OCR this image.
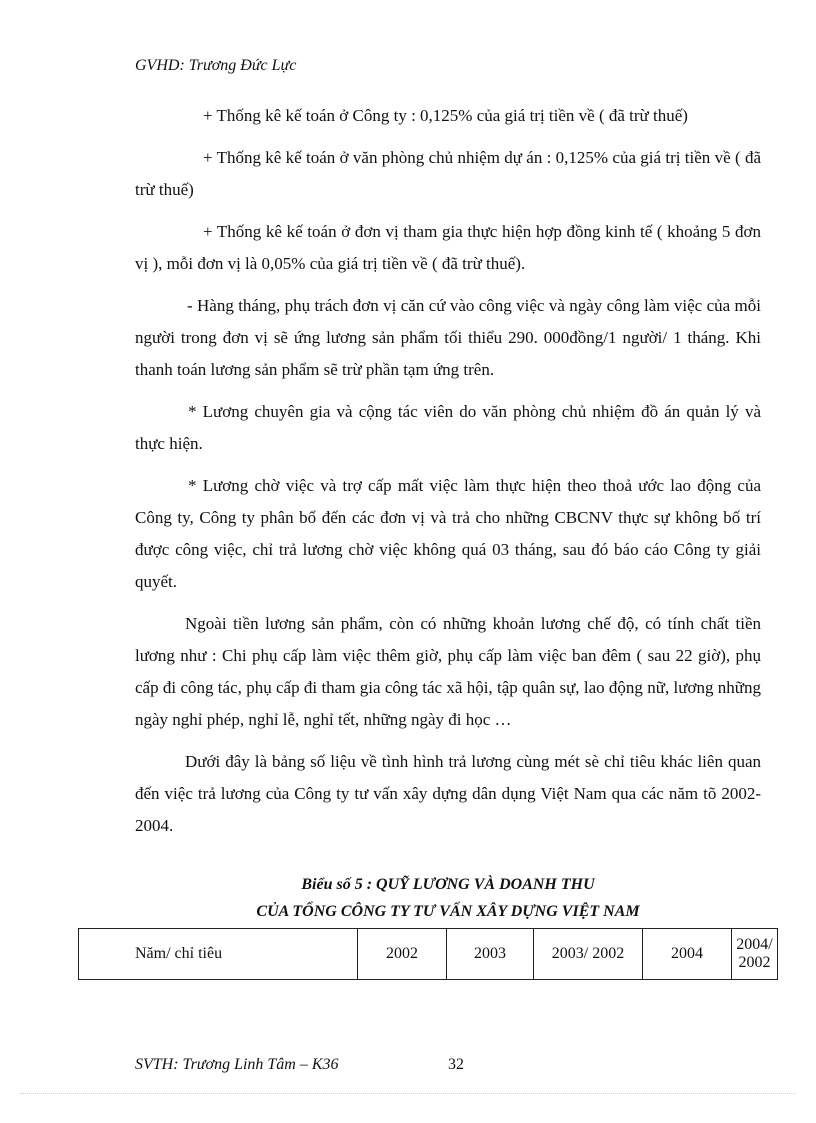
GVHD: Trương Đức Lực

+ Thống kê kế toán ở Công ty : 0,125% của giá trị tiền về ( đã trừ thuế)

+ Thống kê kế toán ở văn phòng chủ nhiệm dự án : 0,125% của giá trị tiền về ( đã trừ thuế)

+ Thống kê kế toán ở đơn vị tham gia thực hiện hợp đồng kinh tế ( khoảng 5 đơn vị ), mỗi đơn vị là 0,05% của giá trị tiền về ( đã trừ thuế).

- Hàng tháng, phụ trách đơn vị căn cứ vào công việc và ngày công làm việc của mỗi người trong đơn vị sẽ ứng lương sản phẩm tối thiểu 290. 000đồng/1 người/ 1 tháng. Khi thanh toán lương sản phẩm sẽ trừ phần tạm ứng trên.

* Lương chuyên gia và cộng tác viên do văn phòng chủ nhiệm đồ án quản lý và thực hiện.

* Lương chờ việc và trợ cấp mất việc làm thực hiện theo thoả ước lao động của Công ty, Công ty phân bổ đến các đơn vị và trả cho những CBCNV thực sự không bố trí được công việc, chỉ trả lương chờ việc không quá 03 tháng, sau đó báo cáo Công ty giải quyết.

Ngoài tiền lương sản phẩm, còn có những khoản lương chế độ, có tính chất tiền lương như : Chi phụ cấp làm việc thêm giờ, phụ cấp làm việc ban đêm ( sau 22 giờ), phụ cấp đi công tác, phụ cấp đi tham gia công tác xã hội, tập quân sự, lao động nữ, lương những ngày nghỉ phép, nghỉ lễ, nghỉ tết, những ngày đi học …

Dưới đây là bảng số liệu về tình hình trả lương cùng mét sè chỉ tiêu khác liên quan đến việc trả lương của Công ty tư vấn xây dựng dân dụng Việt Nam qua các năm tõ 2002-2004.

Biểu số 5 : QUỸ LƯƠNG VÀ DOANH THU
CỦA TỔNG CÔNG TY TƯ VẤN XÂY DỰNG VIỆT NAM
Năm/ chỉ tiêu	2002	2003	2003/ 2002	2004	2004/ 2002
SVTH: Trương Linh Tâm – K36	32
